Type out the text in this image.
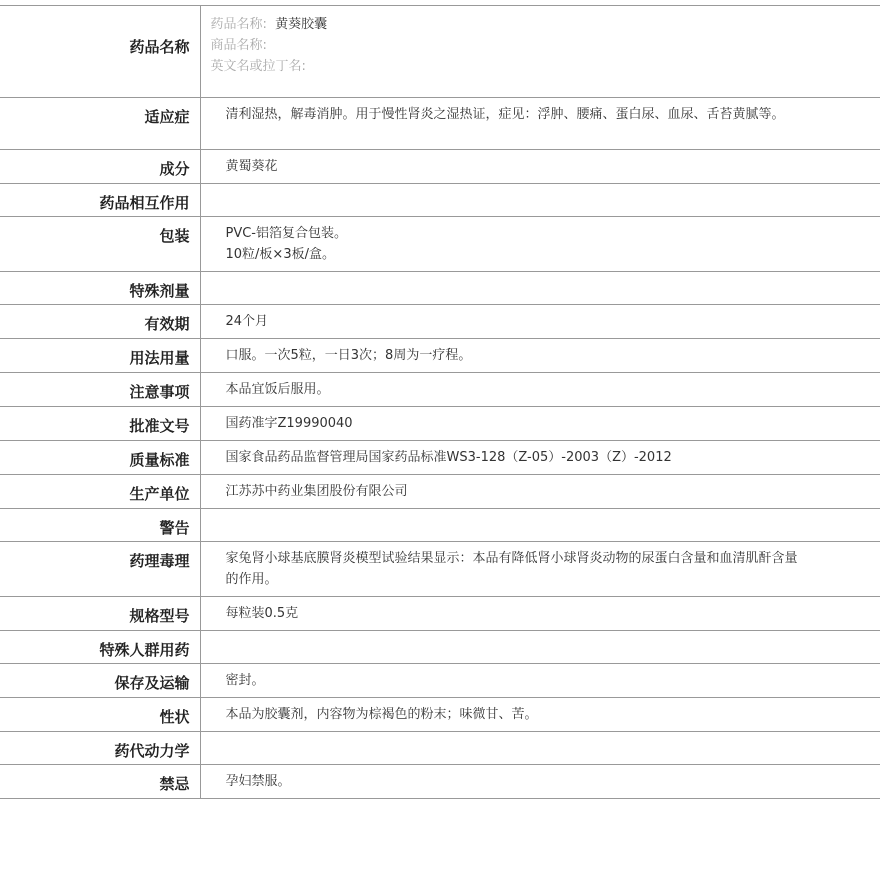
药品名称	药品名称: 黄葵胶囊
商品名称:
英文名或拉丁名:

适应症	清利湿热，解毒消肿。用于慢性肾炎之湿热证，症见：浮肿、腰痛、蛋白尿、血尿、舌苔黄腻等。
成分	黄蜀葵花
药品相互作用	
包装	PVC-铝箔复合包装。
10粒/板×3板/盒。

特殊剂量	
有效期	24个月
用法用量	口服。一次5粒，一日3次；8周为一疗程。
注意事项	本品宜饭后服用。
批准文号	国药准字Z19990040
质量标准	国家食品药品监督管理局国家药品标准WS3-128（Z-05）-2003（Z）-2012
生产单位	江苏苏中药业集团股份有限公司
警告	
药理毒理	家兔肾小球基底膜肾炎模型试验结果显示：本品有降低肾小球肾炎动物的尿蛋白含量和血清肌酐含量的作用。
规格型号	每粒装0.5克
特殊人群用药	
保存及运输	密封。
性状	本品为胶囊剂，内容物为棕褐色的粉末；味微甘、苦。
药代动力学	
禁忌	孕妇禁服。
